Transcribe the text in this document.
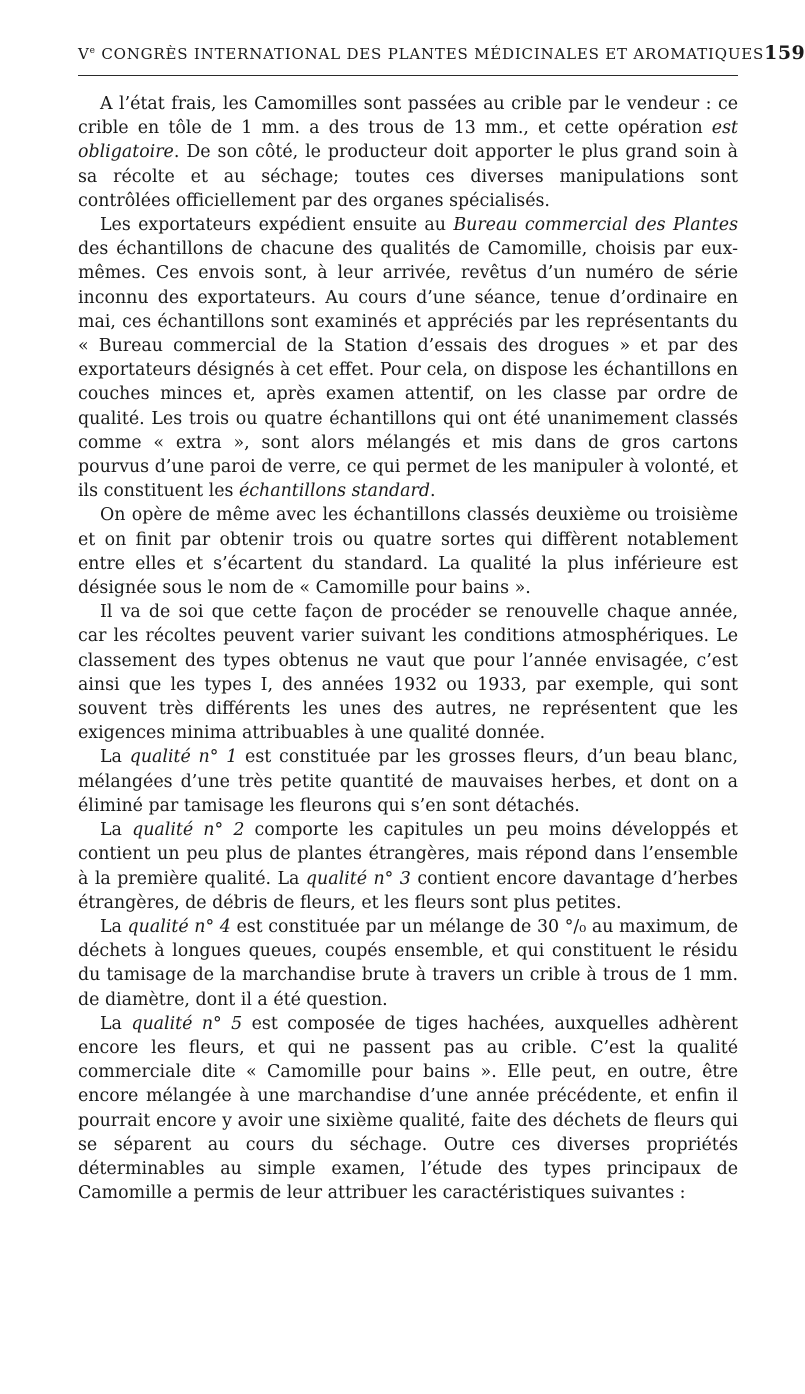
Ve CONGRÈS INTERNATIONAL DES PLANTES MÉDICINALES ET AROMATIQUES 159

A l’état frais, les Camomilles sont passées au crible par le vendeur : ce crible en tôle de 1 mm. a des trous de 13 mm., et cette opération est obligatoire. De son côté, le producteur doit apporter le plus grand soin à sa récolte et au séchage; toutes ces diverses manipulations sont contrôlées officiellement par des organes spécialisés.

Les exportateurs expédient ensuite au Bureau commercial des Plantes des échantillons de chacune des qualités de Camomille, choisis par eux-mêmes. Ces envois sont, à leur arrivée, revêtus d’un numéro de série inconnu des exportateurs. Au cours d’une séance, tenue d’ordinaire en mai, ces échantillons sont examinés et appréciés par les représentants du « Bureau commercial de la Station d’essais des drogues » et par des exportateurs désignés à cet effet. Pour cela, on dispose les échantillons en couches minces et, après examen attentif, on les classe par ordre de qualité. Les trois ou quatre échantillons qui ont été unanimement classés comme « extra », sont alors mélangés et mis dans de gros cartons pourvus d’une paroi de verre, ce qui permet de les manipuler à volonté, et ils constituent les échantillons standard.

On opère de même avec les échantillons classés deuxième ou troisième et on finit par obtenir trois ou quatre sortes qui diffèrent notablement entre elles et s’écartent du standard. La qualité la plus inférieure est désignée sous le nom de « Camomille pour bains ».

Il va de soi que cette façon de procéder se renouvelle chaque année, car les récoltes peuvent varier suivant les conditions atmosphériques. Le classement des types obtenus ne vaut que pour l’année envisagée, c’est ainsi que les types I, des années 1932 ou 1933, par exemple, qui sont souvent très différents les unes des autres, ne représentent que les exigences minima attribuables à une qualité donnée.

La qualité n° 1 est constituée par les grosses fleurs, d’un beau blanc, mélangées d’une très petite quantité de mauvaises herbes, et dont on a éliminé par tamisage les fleurons qui s’en sont détachés.

La qualité n° 2 comporte les capitules un peu moins développés et contient un peu plus de plantes étrangères, mais répond dans l’ensemble à la première qualité. La qualité n° 3 contient encore davantage d’herbes étrangères, de débris de fleurs, et les fleurs sont plus petites.

La qualité n° 4 est constituée par un mélange de 30 °/₀ au maximum, de déchets à longues queues, coupés ensemble, et qui constituent le résidu du tamisage de la marchandise brute à travers un crible à trous de 1 mm. de diamètre, dont il a été question.

La qualité n° 5 est composée de tiges hachées, auxquelles adhèrent encore les fleurs, et qui ne passent pas au crible. C’est la qualité commerciale dite « Camomille pour bains ». Elle peut, en outre, être encore mélangée à une marchandise d’une année précédente, et enfin il pourrait encore y avoir une sixième qualité, faite des déchets de fleurs qui se séparent au cours du séchage. Outre ces diverses propriétés déterminables au simple examen, l’étude des types principaux de Camomille a permis de leur attribuer les caractéristiques suivantes :
